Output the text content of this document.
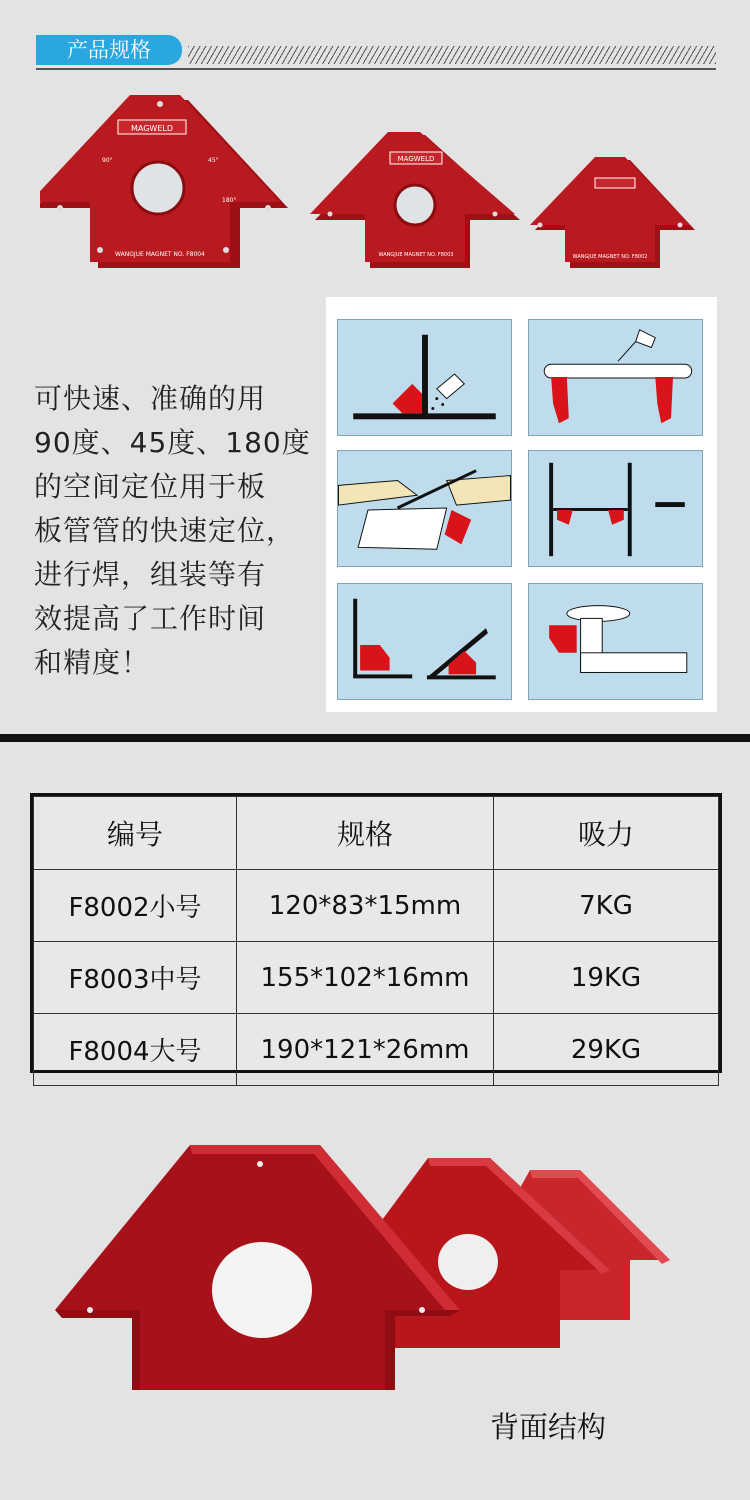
产品规格
MAGWELD
WANGJUE MAGNET NO. F8004
90°	45°
180°
MAGWELD
WANGJUE MAGNET NO. F8003	WANGJUE MAGNET NO. F8002
可快速、准确的用
90度、45度、180度
的空间定位用于板
板管管的快速定位，
进行焊，组装等有
效提高了工作时间
和精度！
编号	规格	吸力
F8002小号	120*83*15mm	7KG
F8003中号	155*102*16mm	19KG
F8004大号	190*121*26mm	29KG
背面结构
